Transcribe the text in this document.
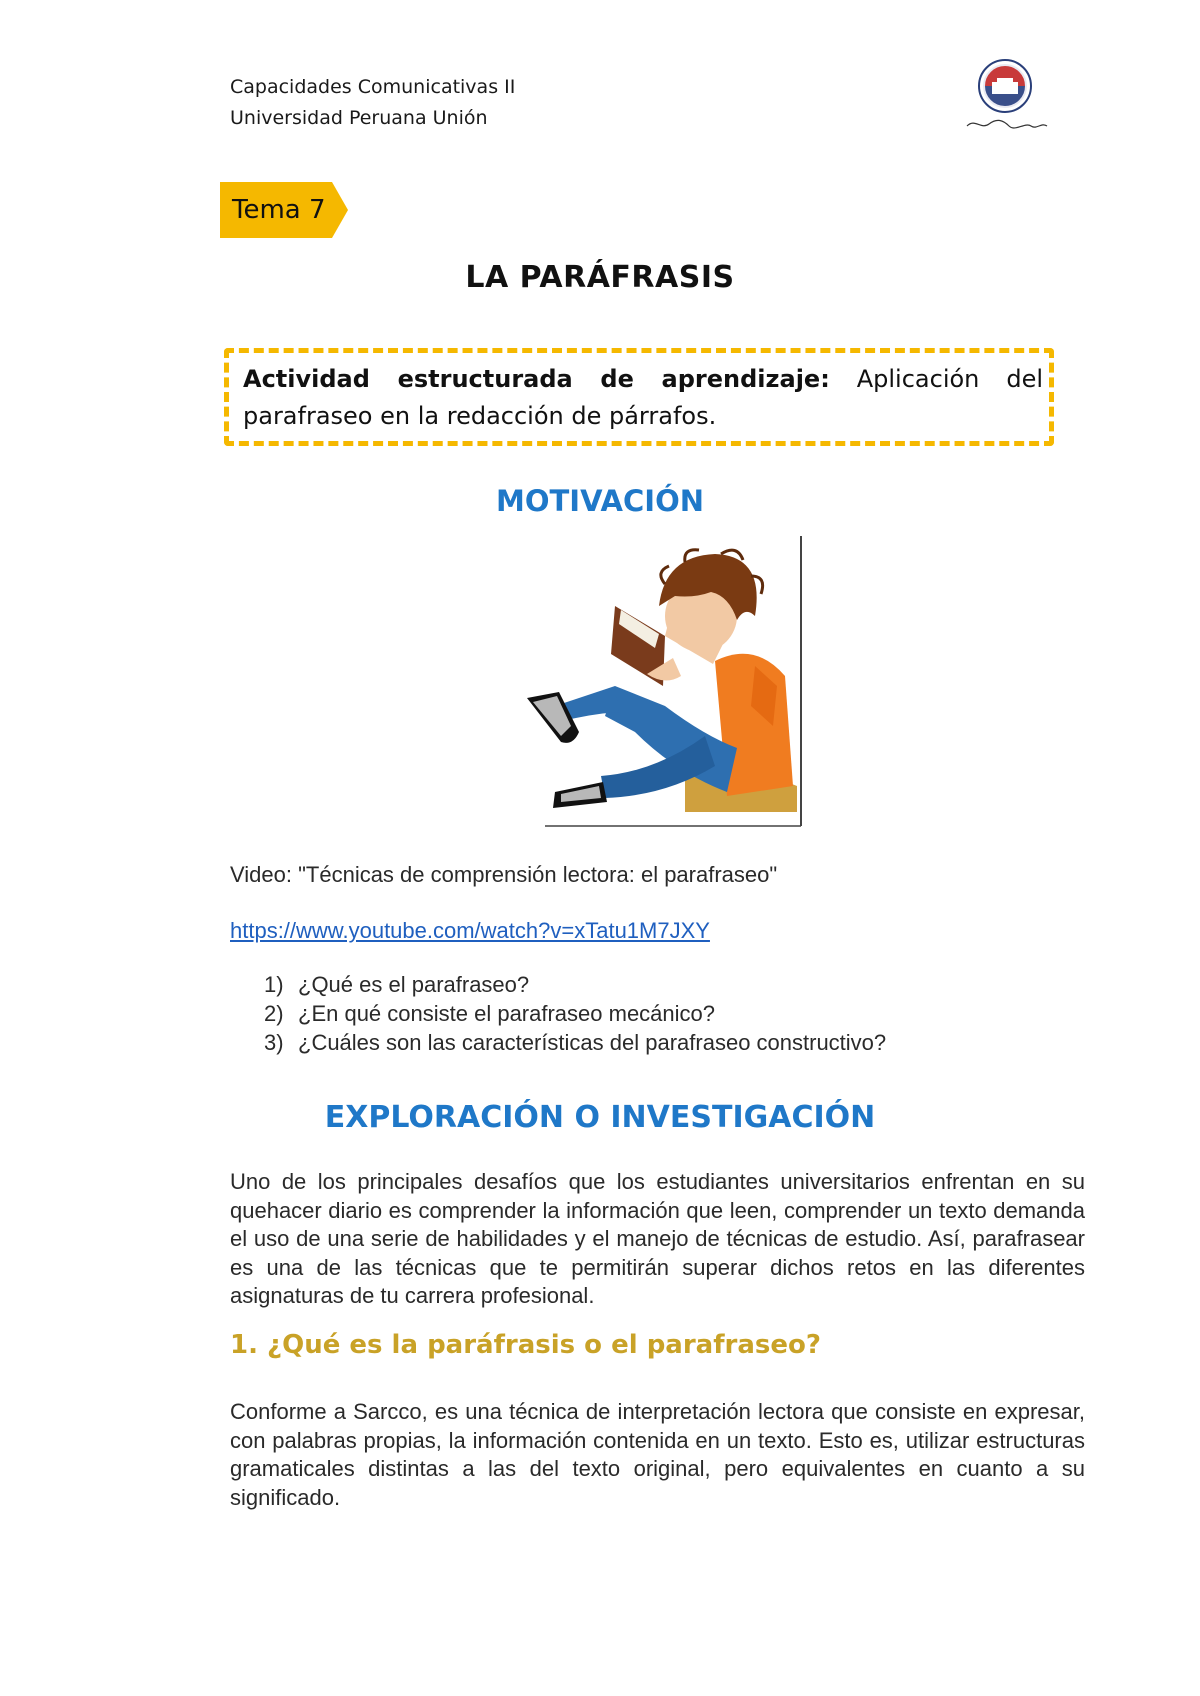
Capacidades Comunicativas II
Universidad Peruana Unión
Tema 7
LA PARÁFRASIS
Actividad estructurada de aprendizaje: Aplicación del parafraseo en la redacción de párrafos.
MOTIVACIÓN
Video: "Técnicas de comprensión lectora: el parafraseo"
https://www.youtube.com/watch?v=xTatu1M7JXY
1) ¿Qué es el parafraseo?
2) ¿En qué consiste el parafraseo mecánico?
3) ¿Cuáles son las características del parafraseo constructivo?
EXPLORACIÓN O INVESTIGACIÓN
Uno de los principales desafíos que los estudiantes universitarios enfrentan en su quehacer diario es comprender la información que leen, comprender un texto demanda el uso de una serie de habilidades y el manejo de técnicas de estudio. Así, parafrasear es una de las técnicas que te permitirán superar dichos retos en las diferentes asignaturas de tu carrera profesional.
1. ¿Qué es la paráfrasis o el parafraseo?
Conforme a Sarcco, es una técnica de interpretación lectora que consiste en expresar, con palabras propias, la información contenida en un texto. Esto es, utilizar estructuras gramaticales distintas a las del texto original, pero equivalentes en cuanto a su significado.
